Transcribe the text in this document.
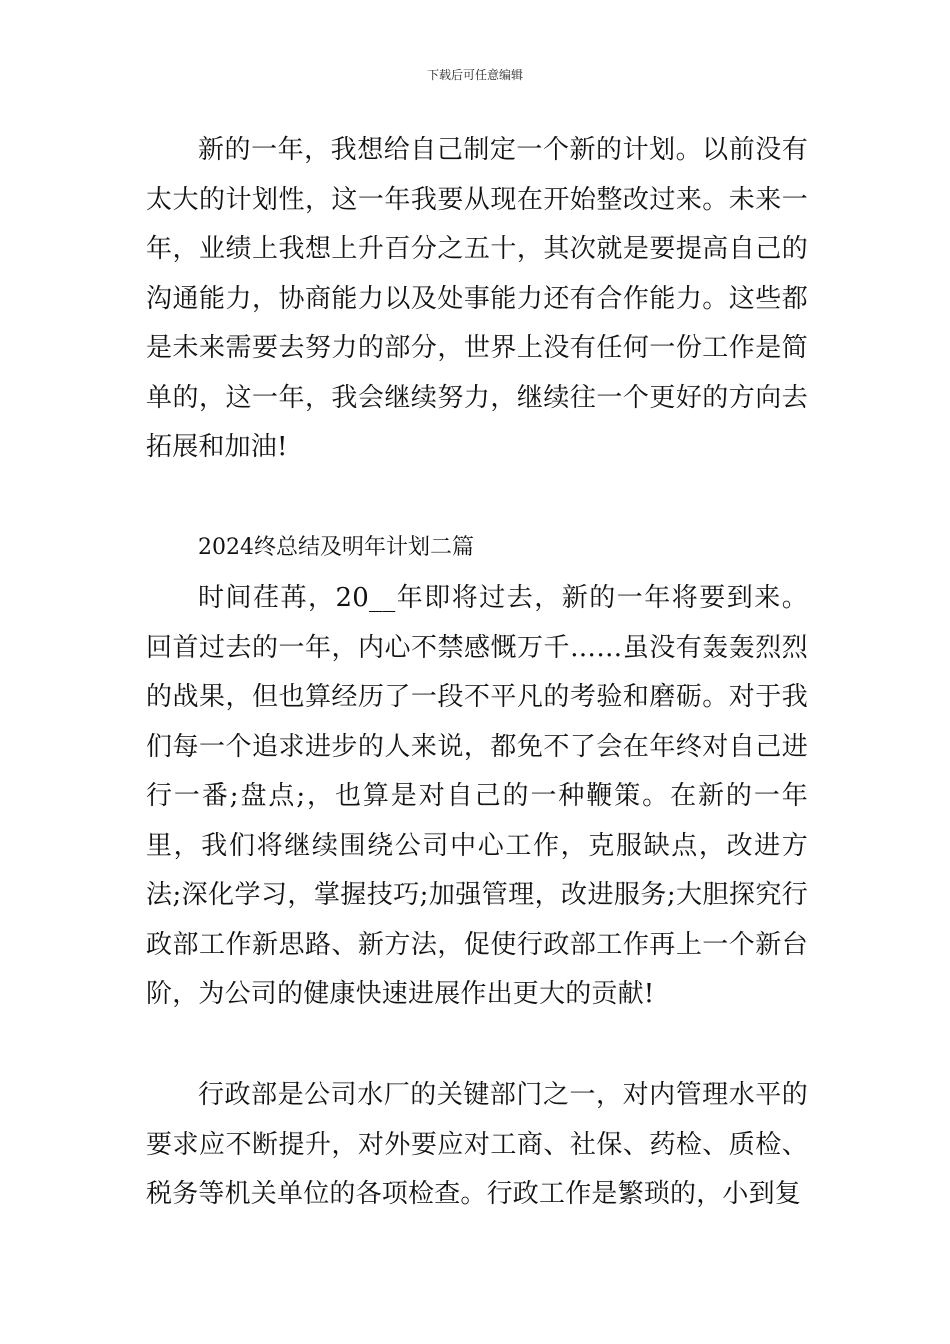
下载后可任意编辑

新的一年，我想给自己制定一个新的计划。以前没有太大的计划性，这一年我要从现在开始整改过来。未来一年，业绩上我想上升百分之五十，其次就是要提高自己的沟通能力，协商能力以及处事能力还有合作能力。这些都是未来需要去努力的部分，世界上没有任何一份工作是简单的，这一年，我会继续努力，继续往一个更好的方向去拓展和加油!

2024终总结及明年计划二篇

时间荏苒，20__年即将过去，新的一年将要到来。回首过去的一年，内心不禁感慨万千……虽没有轰轰烈烈的战果，但也算经历了一段不平凡的考验和磨砺。对于我们每一个追求进步的人来说，都免不了会在年终对自己进行一番;盘点;，也算是对自己的一种鞭策。在新的一年里，我们将继续围绕公司中心工作，克服缺点，改进方法;深化学习，掌握技巧;加强管理，改进服务;大胆探究行政部工作新思路、新方法，促使行政部工作再上一个新台阶，为公司的健康快速进展作出更大的贡献!

行政部是公司水厂的关键部门之一，对内管理水平的要求应不断提升，对外要应对工商、社保、药检、质检、税务等机关单位的各项检查。行政工作是繁琐的，小到复
